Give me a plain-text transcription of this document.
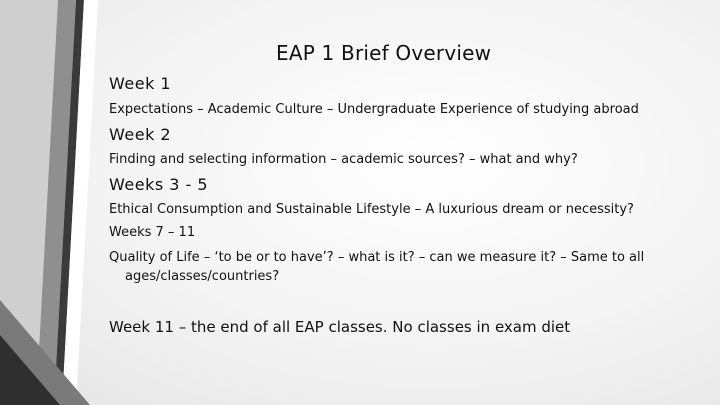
EAP 1 Brief Overview
Week 1
Expectations – Academic Culture – Undergraduate Experience of studying abroad
Week 2
Finding and selecting information – academic sources? – what and why?
Weeks 3 - 5
Ethical Consumption and Sustainable Lifestyle – A luxurious dream or necessity?
Weeks 7 – 11
Quality of Life – ‘to be or to have’? – what is it? – can we measure it? – Same to all ages/classes/countries?
Week 11 – the end of all EAP classes. No classes in exam diet
